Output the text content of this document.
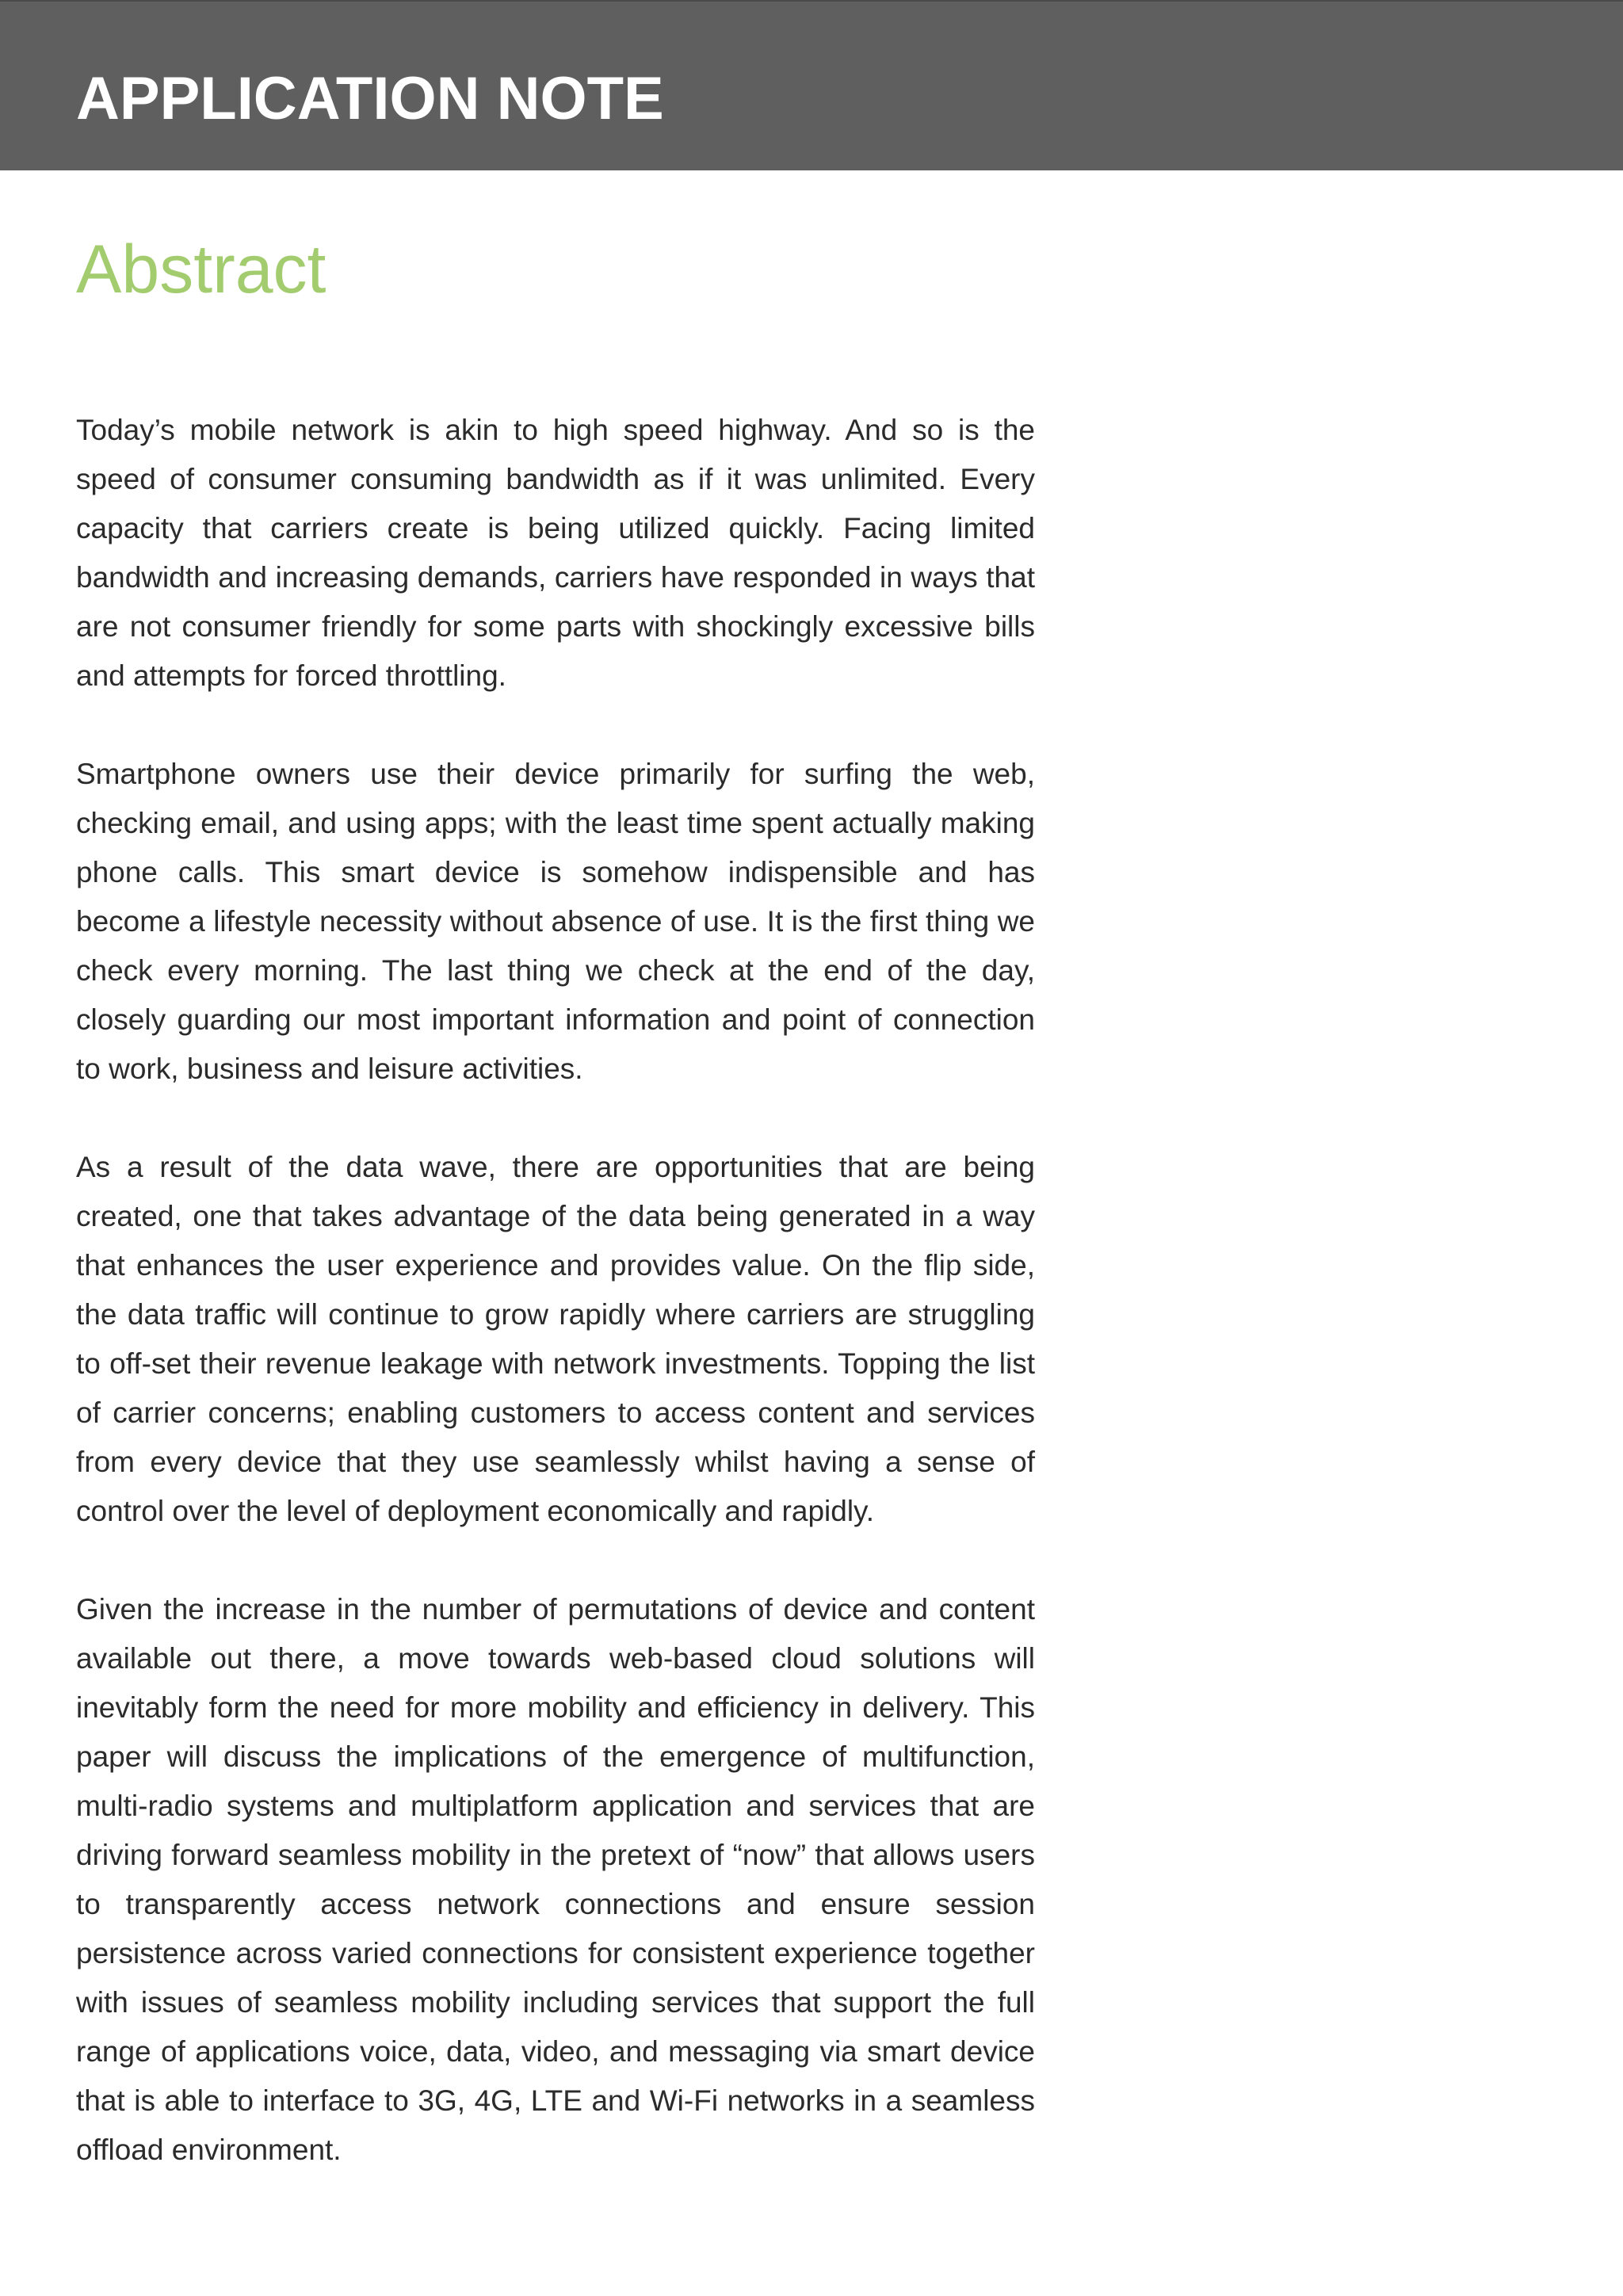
APPLICATION NOTE
Abstract

Today’s mobile network is akin to high speed highway. And so is the speed of consumer consuming bandwidth as if it was unlimited. Every capacity that carriers create is being utilized quickly. Facing limited bandwidth and increasing demands, carriers have responded in ways that are not consumer friendly for some parts with shockingly excessive bills and attempts for forced throttling.

Smartphone owners use their device primarily for surfing the web, checking email, and using apps; with the least time spent actually making phone calls. This smart device is somehow indispensible and has become a lifestyle necessity without absence of use. It is the first thing we check every morning. The last thing we check at the end of the day, closely guarding our most important information and point of connection to work, business and leisure activities.

As a result of the data wave, there are opportunities that are being created, one that takes advantage of the data being generated in a way that enhances the user experience and provides value. On the flip side, the data traffic will continue to grow rapidly where carriers are struggling to off-set their revenue leakage with network investments. Topping the list of carrier concerns; enabling customers to access content and services from every device that they use seamlessly whilst having a sense of control over the level of deployment economically and rapidly.

Given the increase in the number of permutations of device and content available out there, a move towards web-based cloud solutions will inevitably form the need for more mobility and efficiency in delivery. This paper will discuss the implications of the emergence of multifunction, multi-radio systems and multiplatform application and services that are driving forward seamless mobility in the pretext of “now” that allows users to transparently access network connections and ensure session persistence across varied connections for consistent experience together with issues of seamless mobility including services that support the full range of applications voice, data, video, and messaging via smart device that is able to interface to 3G, 4G, LTE and Wi-Fi networks in a seamless offload environment.
